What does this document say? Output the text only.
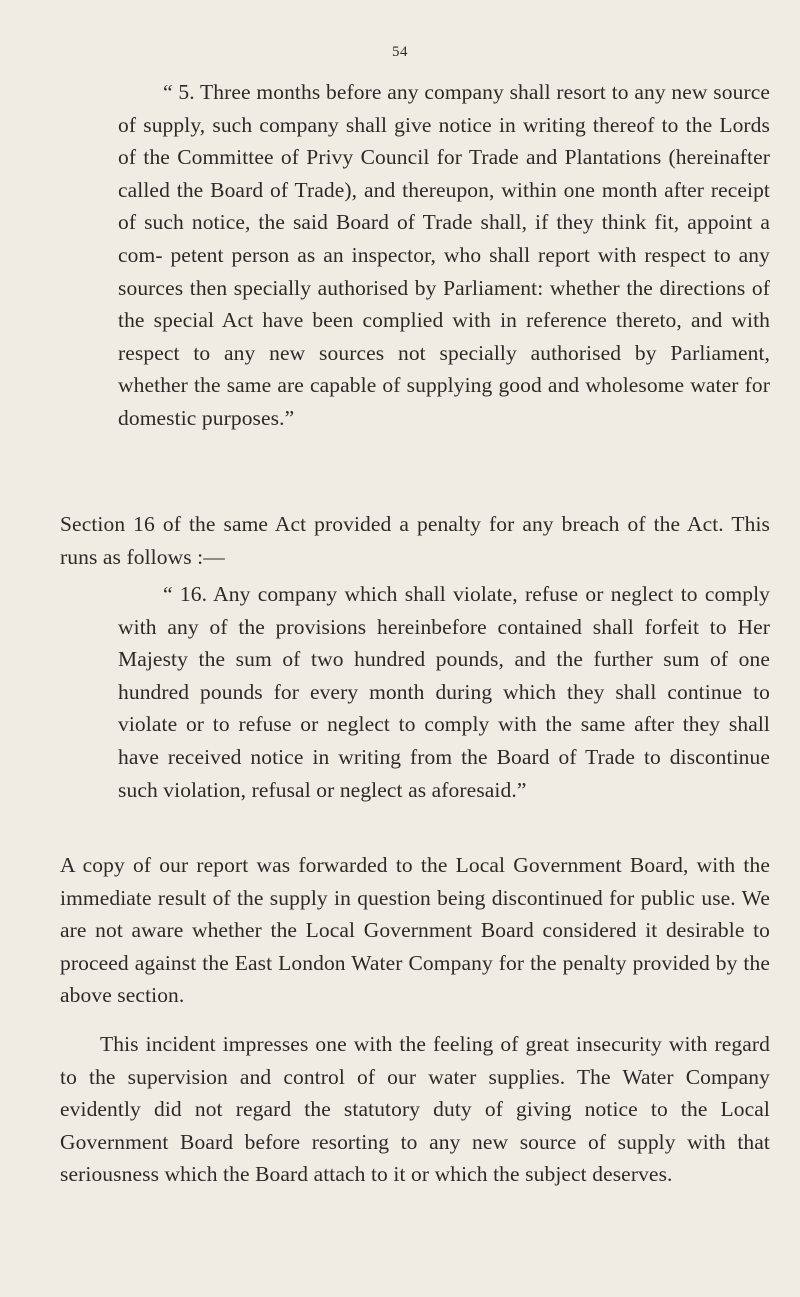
54

“ 5. Three months before any company shall resort to any new source of supply, such company shall give notice in writing thereof to the Lords of the Committee of Privy Council for Trade and Plantations (hereinafter called the Board of Trade), and thereupon, within one month after receipt of such notice, the said Board of Trade shall, if they think fit, appoint a com- petent person as an inspector, who shall report with respect to any sources then specially authorised by Parliament: whether the directions of the special Act have been complied with in reference thereto, and with respect to any new sources not specially authorised by Parliament, whether the same are capable of supplying good and wholesome water for domestic purposes.”

Section 16 of the same Act provided a penalty for any breach of the Act. This runs as follows :—

“ 16. Any company which shall violate, refuse or neglect to comply with any of the provisions hereinbefore contained shall forfeit to Her Majesty the sum of two hundred pounds, and the further sum of one hundred pounds for every month during which they shall continue to violate or to refuse or neglect to comply with the same after they shall have received notice in writing from the Board of Trade to discontinue such violation, refusal or neglect as aforesaid.”

A copy of our report was forwarded to the Local Government Board, with the immediate result of the supply in question being discontinued for public use. We are not aware whether the Local Government Board considered it desirable to proceed against the East London Water Company for the penalty provided by the above section.

This incident impresses one with the feeling of great insecurity with regard to the supervision and control of our water supplies. The Water Company evidently did not regard the statutory duty of giving notice to the Local Government Board before resorting to any new source of supply with that seriousness which the Board attach to it or which the subject deserves.
